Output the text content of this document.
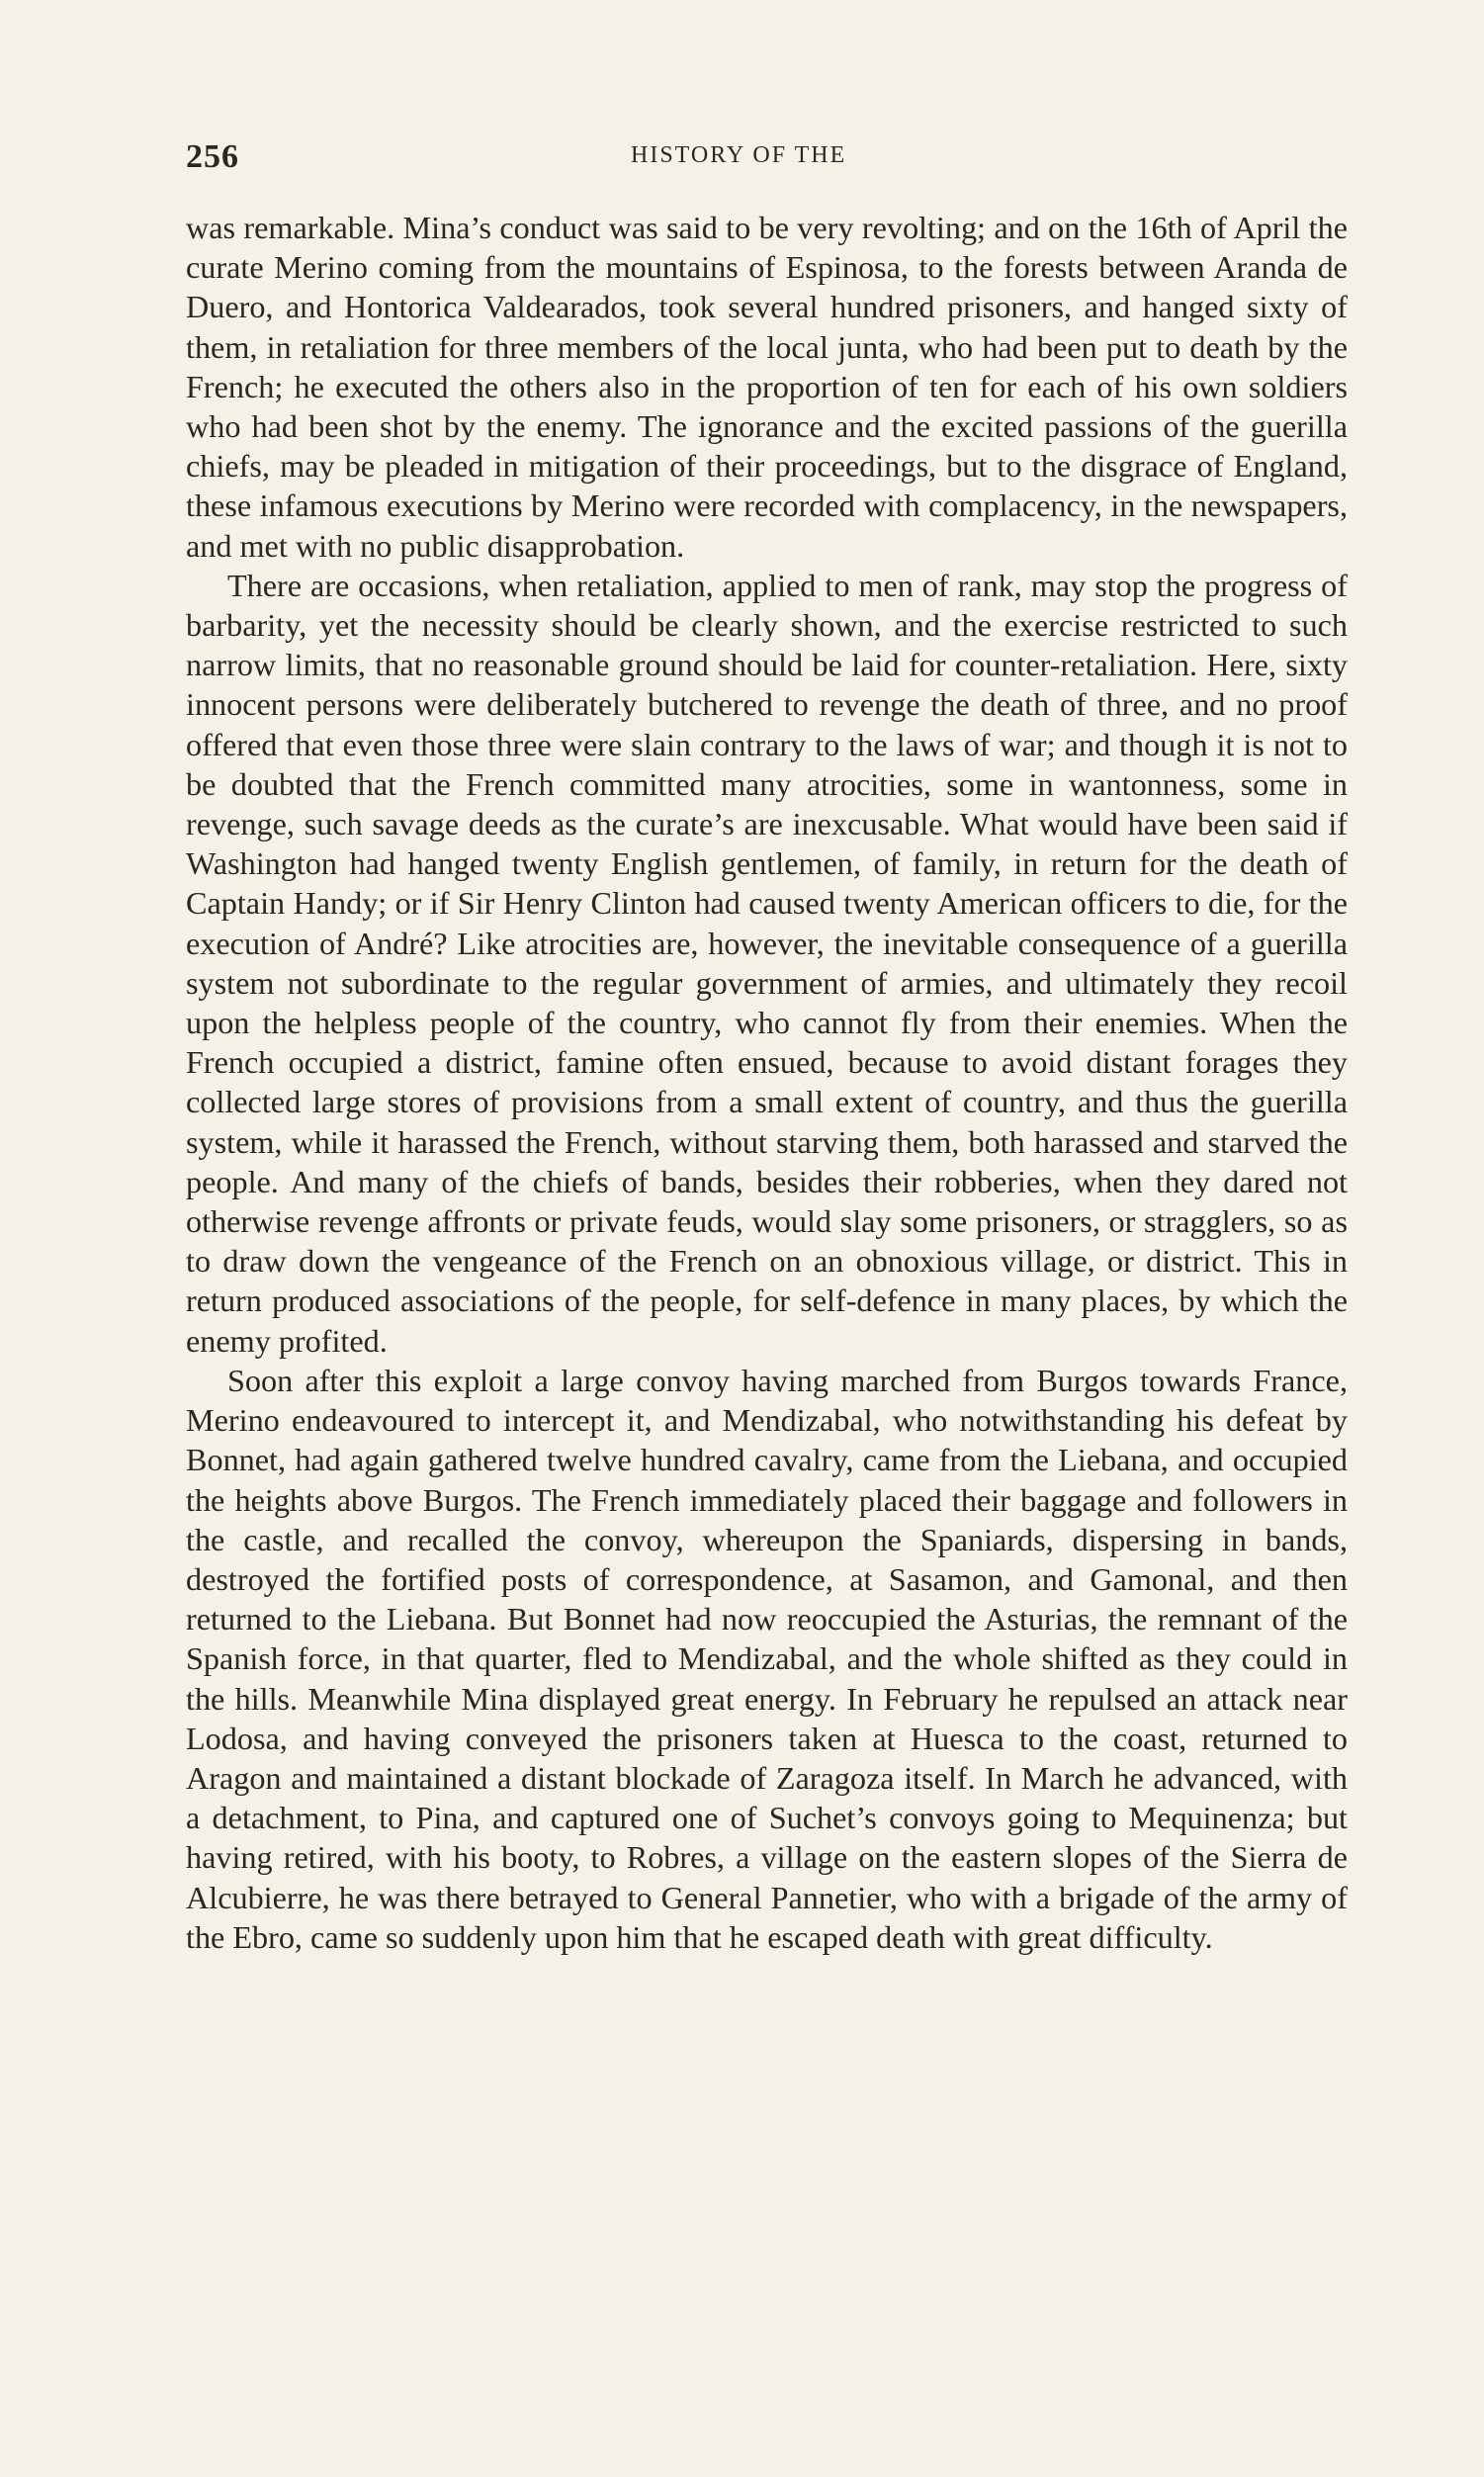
256	HISTORY OF THE

was remarkable. Mina’s conduct was said to be very revolting; and on the 16th of April the curate Merino coming from the mountains of Espinosa, to the forests between Aranda de Duero, and Hontorica Valdearados, took several hundred prisoners, and hanged sixty of them, in retaliation for three members of the local junta, who had been put to death by the French; he executed the others also in the proportion of ten for each of his own soldiers who had been shot by the enemy. The ignorance and the excited passions of the guerilla chiefs, may be pleaded in mitigation of their proceedings, but to the disgrace of England, these infamous executions by Merino were recorded with complacency, in the newspapers, and met with no public disapprobation.

There are occasions, when retaliation, applied to men of rank, may stop the progress of barbarity, yet the necessity should be clearly shown, and the exercise restricted to such narrow limits, that no reasonable ground should be laid for counter-retaliation. Here, sixty innocent persons were deliberately butchered to revenge the death of three, and no proof offered that even those three were slain contrary to the laws of war; and though it is not to be doubted that the French committed many atrocities, some in wantonness, some in revenge, such savage deeds as the curate’s are inexcusable. What would have been said if Washington had hanged twenty English gentlemen, of family, in return for the death of Captain Handy; or if Sir Henry Clinton had caused twenty American officers to die, for the execution of André? Like atrocities are, however, the inevitable consequence of a guerilla system not subordinate to the regular government of armies, and ultimately they recoil upon the helpless people of the country, who cannot fly from their enemies. When the French occupied a district, famine often ensued, because to avoid distant forages they collected large stores of provisions from a small extent of country, and thus the guerilla system, while it harassed the French, without starving them, both harassed and starved the people. And many of the chiefs of bands, besides their robberies, when they dared not otherwise revenge affronts or private feuds, would slay some prisoners, or stragglers, so as to draw down the vengeance of the French on an obnoxious village, or district. This in return produced associations of the people, for self-defence in many places, by which the enemy profited.

Soon after this exploit a large convoy having marched from Burgos towards France, Merino endeavoured to intercept it, and Mendizabal, who notwithstanding his defeat by Bonnet, had again gathered twelve hundred cavalry, came from the Liebana, and occupied the heights above Burgos. The French immediately placed their baggage and followers in the castle, and recalled the convoy, whereupon the Spaniards, dispersing in bands, destroyed the fortified posts of correspondence, at Sasamon, and Gamonal, and then returned to the Liebana. But Bonnet had now reoccupied the Asturias, the remnant of the Spanish force, in that quarter, fled to Mendizabal, and the whole shifted as they could in the hills. Meanwhile Mina displayed great energy. In February he repulsed an attack near Lodosa, and having conveyed the prisoners taken at Huesca to the coast, returned to Aragon and maintained a distant blockade of Zaragoza itself. In March he advanced, with a detachment, to Pina, and captured one of Suchet’s convoys going to Mequinenza; but having retired, with his booty, to Robres, a village on the eastern slopes of the Sierra de Alcubierre, he was there betrayed to General Pannetier, who with a brigade of the army of the Ebro, came so suddenly upon him that he escaped death with great difficulty.
